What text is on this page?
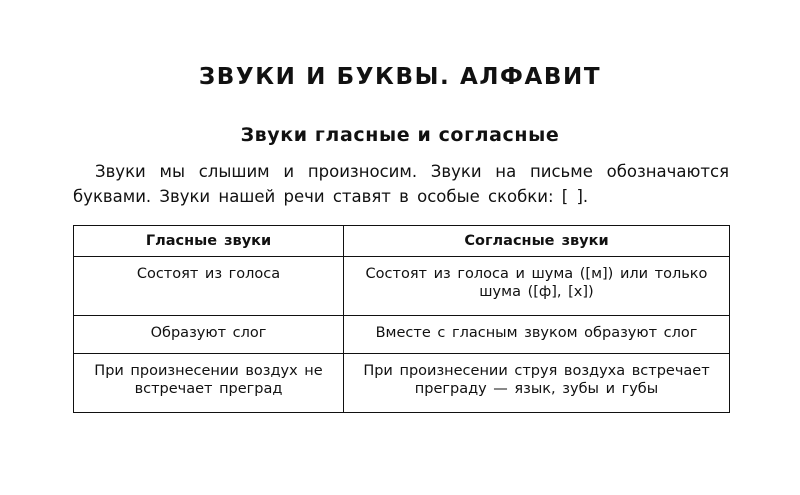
ЗВУКИ И БУКВЫ. АЛФАВИТ
Звуки гласные и согласные

Звуки мы слышим и произносим. Звуки на письме обозначаются буквами. Звуки нашей речи ставят в особые скобки: [ ].

Гласные звуки	Согласные звуки
Состоят из голоса	Состоят из голоса и шума ([м]) или только шума ([ф], [х])
Образуют слог	Вместе с гласным звуком образуют слог
При произнесении воздух не встречает преград	При произнесении струя воздуха встречает преграду — язык, зубы и губы
